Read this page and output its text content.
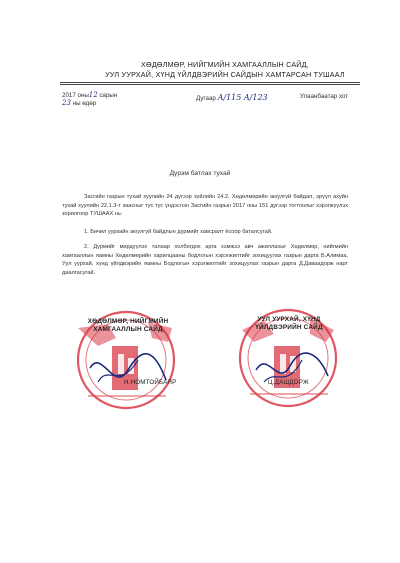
ХӨДӨЛМӨР, НИЙГМИЙН ХАМГААЛЛЫН САЙД,
УУЛ УУРХАЙ, ХҮНД ҮЙЛДВЭРИЙН САЙДЫН ХАМТАРСАН ТУШААЛ
2017 оны12 сарын
23 ны өдөр
Дугаар A/115 A/123	Улаанбаатар хот
Дүрэм батлах тухай
Засгийн газрын тухай хуулийн 24 дүгээр зүйлийн 24.2, Хөдөлмөрийн аюулгүй байдал, эрүүл ахуйн тухай хуулийн 22.1.3-т заасныг тус тус үндэслэн Засгийн газрын 2017 оны 151 дүгээр тогтоолыг хэрэгжүүлэх зорилгоор ТУШААХ нь:
1. Бичил уурхайн аюулгүй байдлын дүрмийг хавсралт ёсоор баталсугай.
2. Дүрмийг мөрдүүлэх талаар холбогдох арга хэмжээ авч ажиллахыг Хөдөлмөр, нийгмийн хамгааллын яамны Хөдөлмөрийн харилцааны бодлогын хэрэгжилтийг зохицуулах газрын дарга Б.Алимаа, Уул уурхай, хүнд үйлдвэрийн яамны Бодлогын хэрэгжилтийг зохицуулах газрын дарга Д.Даваадорж нарт даалгасугай.
ХӨДӨЛМӨР, НИЙГМИЙН
ХАМГААЛЛЫН САЙД
Н.НОМТОЙБАЯР
УУЛ УУРХАЙ, ХҮНД
ҮЙЛДВЭРИЙН САЙД
Ц.ДАШДОРЖ
